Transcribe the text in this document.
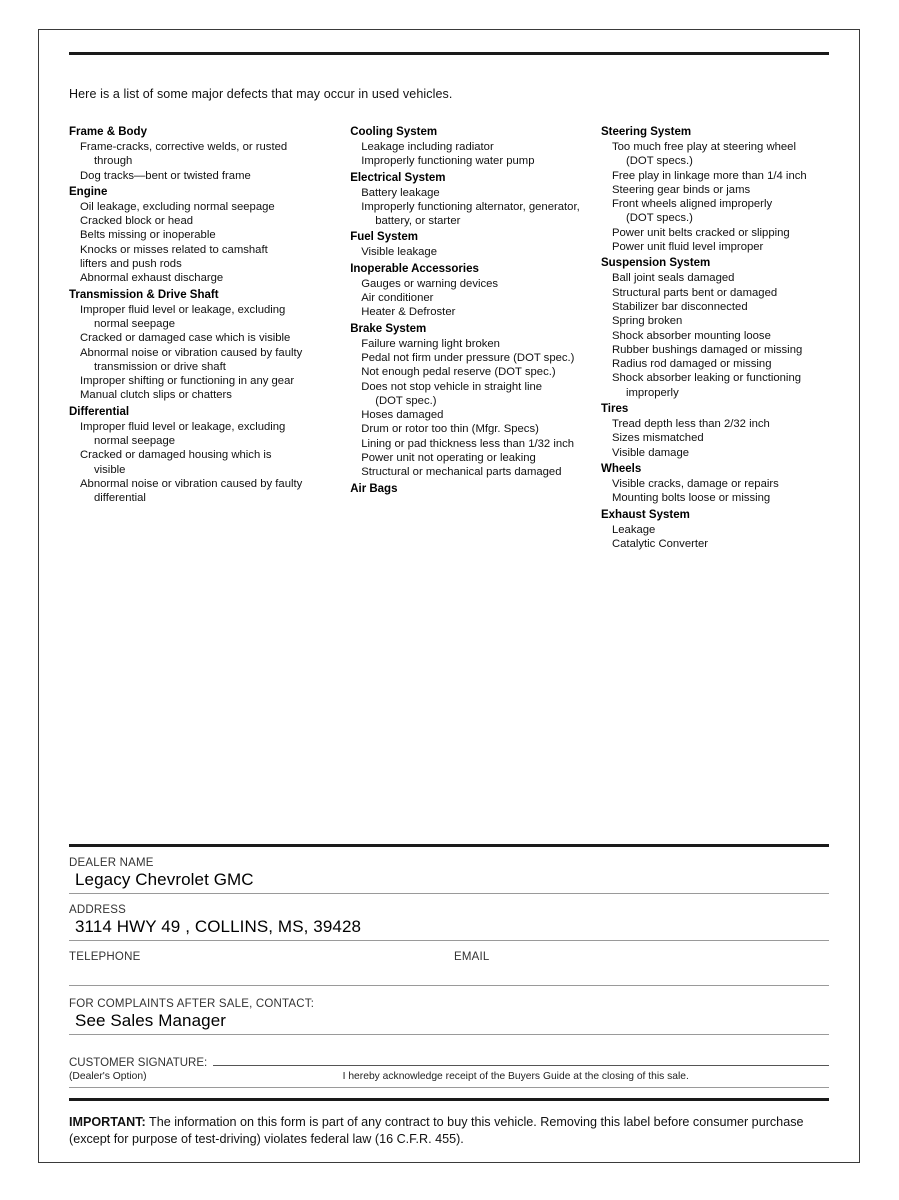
Here is a list of some major defects that may occur in used vehicles.
Frame & Body
Frame-cracks, corrective welds, or rusted
through
Dog tracks—bent or twisted frame
Engine
Oil leakage, excluding normal seepage
Cracked block or head
Belts missing or inoperable
Knocks or misses related to camshaft
lifters and push rods
Abnormal exhaust discharge
Transmission & Drive Shaft
Improper fluid level or leakage, excluding
normal seepage
Cracked or damaged case which is visible
Abnormal noise or vibration caused by faulty
transmission or drive shaft
Improper shifting or functioning in any gear
Manual clutch slips or chatters
Differential
Improper fluid level or leakage, excluding
normal seepage
Cracked or damaged housing which is
visible
Abnormal noise or vibration caused by faulty
differential
Cooling System
Leakage including radiator
Improperly functioning water pump
Electrical System
Battery leakage
Improperly functioning alternator, generator,
battery, or starter
Fuel System
Visible leakage
Inoperable Accessories
Gauges or warning devices
Air conditioner
Heater & Defroster
Brake System
Failure warning light broken
Pedal not firm under pressure (DOT spec.)
Not enough pedal reserve (DOT spec.)
Does not stop vehicle in straight line
(DOT spec.)
Hoses damaged
Drum or rotor too thin (Mfgr. Specs)
Lining or pad thickness less than 1/32 inch
Power unit not operating or leaking
Structural or mechanical parts damaged
Air Bags
Steering System
Too much free play at steering wheel
(DOT specs.)
Free play in linkage more than 1/4 inch
Steering gear binds or jams
Front wheels aligned improperly
(DOT specs.)
Power unit belts cracked or slipping
Power unit fluid level improper
Suspension System
Ball joint seals damaged
Structural parts bent or damaged
Stabilizer bar disconnected
Spring broken
Shock absorber mounting loose
Rubber bushings damaged or missing
Radius rod damaged or missing
Shock absorber leaking or functioning
improperly
Tires
Tread depth less than 2/32 inch
Sizes mismatched
Visible damage
Wheels
Visible cracks, damage or repairs
Mounting bolts loose or missing
Exhaust System
Leakage
Catalytic Converter
DEALER NAME
Legacy Chevrolet GMC
ADDRESS
3114 HWY 49 , COLLINS, MS, 39428
TELEPHONE	EMAIL
FOR COMPLAINTS AFTER SALE, CONTACT:
See Sales Manager
CUSTOMER SIGNATURE:
(Dealer's Option)	I hereby acknowledge receipt of the Buyers Guide at the closing of this sale.
IMPORTANT: The information on this form is part of any contract to buy this vehicle. Removing this label before consumer purchase (except for purpose of test-driving) violates federal law (16 C.F.R. 455).
